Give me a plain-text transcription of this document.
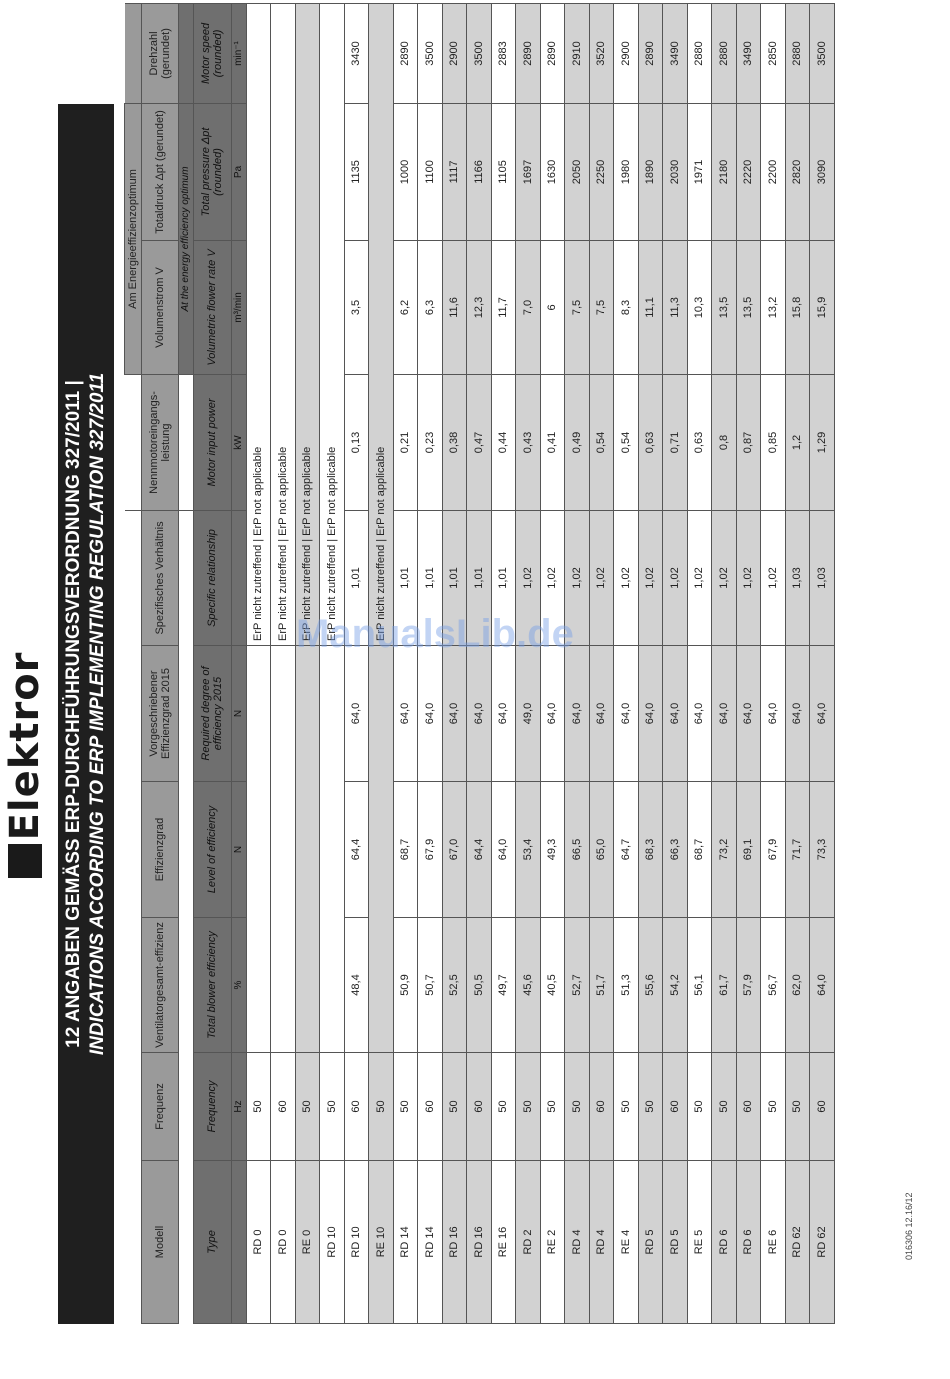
Elektror 12 ANGABEN GEMÄSS ERP-DURCHFÜHRUNGSVERORDNUNG 327/2011 | INDICATIONS ACCORDING TO ERP IMPLEMENTING REGULATION 327/2011
							Am Energieeffizienzoptimum		
Modell	Frequenz	Ventilatorgesamt-effizienz	Effizienzgrad	Vorgeschriebener Effizienzgrad 2015	Spezifisches Verhältnis	Nennmotoreingangs-leistung	Volumenstrom V	Totaldruck Δpt (gerundet)	Drehzahl (gerundet)
							At the energy efficiency optimum		
Type	Frequency	Total blower efficiency	Level of efficiency	Required degree of efficiency 2015	Specific relationship	Motor input power	Volumetric flower rate V	Total pressure Δpt (rounded)	Motor speed (rounded)
	Hz	%	N	N		kW	m³/min	Pa	min⁻¹
RD 0	50				ErP nicht zutreffend | ErP not applicable				
RD 0	60				ErP nicht zutreffend | ErP not applicable				
RE 0	50				ErP nicht zutreffend | ErP not applicable				
RD 10	50				ErP nicht zutreffend | ErP not applicable				
RD 10	60	48,4	64,4	64,0	1,01	0,13	3,5	1135	3430
RE 10	50				ErP nicht zutreffend | ErP not applicable				
RD 14	50	50,9	68,7	64,0	1,01	0,21	6,2	1000	2890
RD 14	60	50,7	67,9	64,0	1,01	0,23	6,3	1100	3500
RD 16	50	52,5	67,0	64,0	1,01	0,38	11,6	1117	2900
RD 16	60	50,5	64,4	64,0	1,01	0,47	12,3	1166	3500
RE 16	50	49,7	64,0	64,0	1,01	0,44	11,7	1105	2883
RD 2	50	45,6	53,4	49,0	1,02	0,43	7,0	1697	2890
RE 2	50	40,5	49,3	64,0	1,02	0,41	6	1630	2890
RD 4	50	52,7	66,5	64,0	1,02	0,49	7,5	2050	2910
RD 4	60	51,7	65,0	64,0	1,02	0,54	7,5	2250	3520
RE 4	50	51,3	64,7	64,0	1,02	0,54	8,3	1980	2900
RD 5	50	55,6	68,3	64,0	1,02	0,63	11,1	1890	2890
RD 5	60	54,2	66,3	64,0	1,02	0,71	11,3	2030	3490
RE 5	50	56,1	68,7	64,0	1,02	0,63	10,3	1971	2880
RD 6	50	61,7	73,2	64,0	1,02	0,8	13,5	2180	2880
RD 6	60	57,9	69,1	64,0	1,02	0,87	13,5	2220	3490
RE 6	50	56,7	67,9	64,0	1,02	0,85	13,2	2200	2850
RD 62	50	62,0	71,7	64,0	1,03	1,2	15,8	2820	2880
RD 62	60	64,0	73,3	64,0	1,03	1,29	15,9	3090	3500
016306 12.16/12
ManualsLib.de
